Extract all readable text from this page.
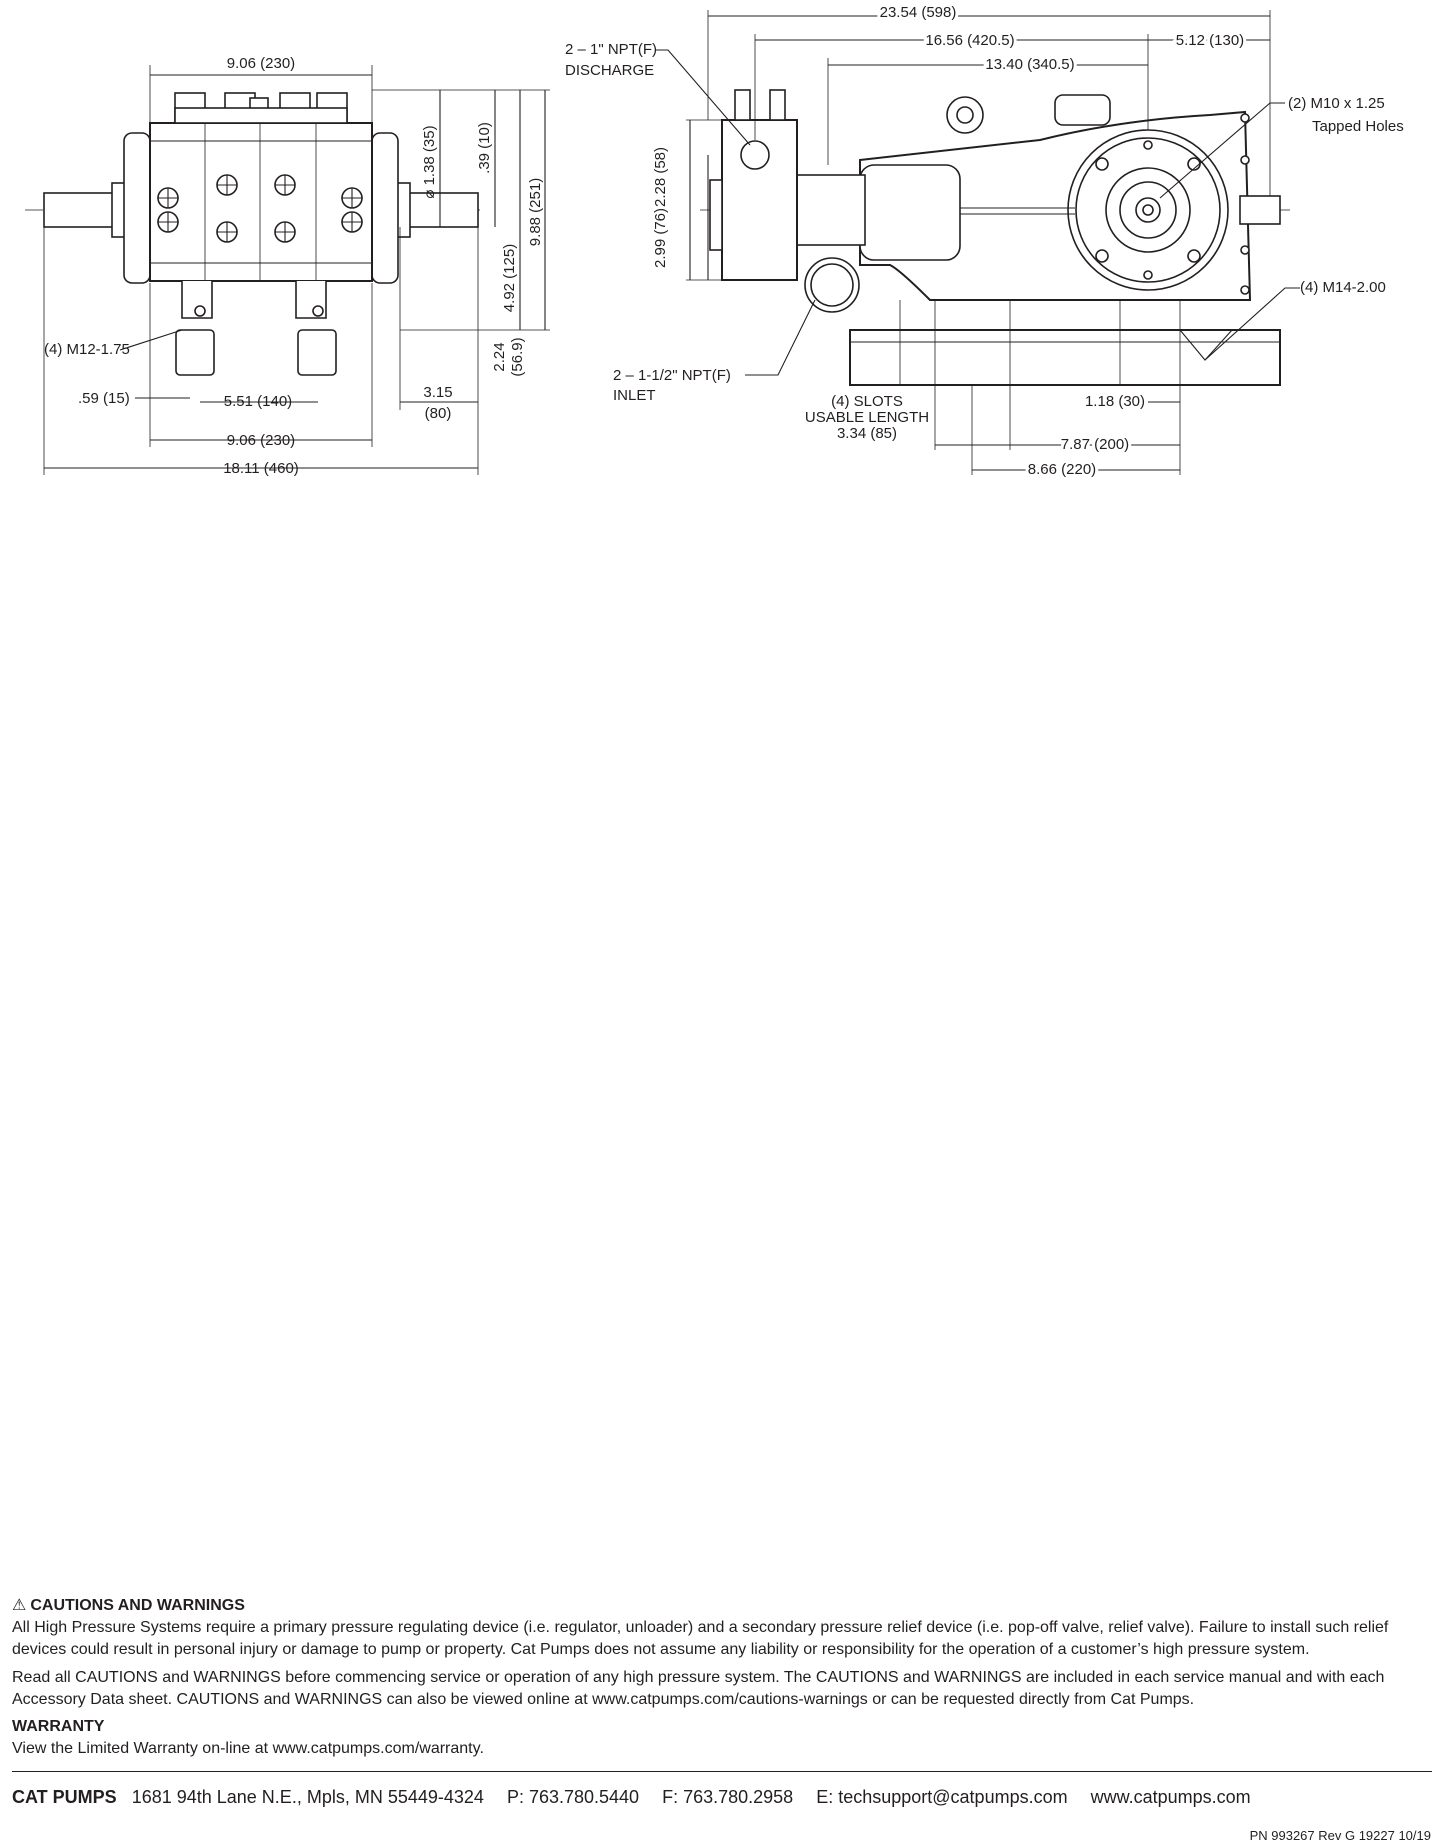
9.06 (230)
⌀ 1.38 (35)	.39 (10)
9.88 (251)
4.92 (125)
2.24 (56.9)
5.51 (140)
.59 (15)	3.15
(80)
9.06 (230)
18.11 (460)
(4) M12-1.75
23.54 (598)
16.56 (420.5)
13.40 (340.5)
5.12 (130)
2.99 (76)
2.28 (58)
1.18 (30)
7.87 (200)
8.66 (220)
2 – 1" NPT(F)
DISCHARGE
2 – 1-1/2" NPT(F)
INLET
(2) M10 x 1.25
Tapped Holes
(4) M14-2.00
(4) SLOTS
USABLE LENGTH
3.34 (85)
⚠ CAUTIONS AND WARNINGS
All High Pressure Systems require a primary pressure regulating device (i.e. regulator, unloader) and a secondary pressure relief device (i.e. pop-off valve, relief valve). Failure to install such relief devices could result in personal injury or damage to pump or property. Cat Pumps does not assume any liability or responsibility for the operation of a customer’s high pressure system.
Read all CAUTIONS and WARNINGS before commencing service or operation of any high pressure system. The CAUTIONS and WARNINGS are included in each service manual and with each Accessory Data sheet. CAUTIONS and WARNINGS can also be viewed online at www.catpumps.com/cautions-warnings or can be requested directly from Cat Pumps.
WARRANTY
View the Limited Warranty on-line at www.catpumps.com/warranty.
CAT PUMPS 1681 94th Lane N.E., Mpls, MN 55449-4324 P: 763.780.5440 F: 763.780.2958 E: techsupport@catpumps.com www.catpumps.com
PN 993267 Rev G 19227 10/19
